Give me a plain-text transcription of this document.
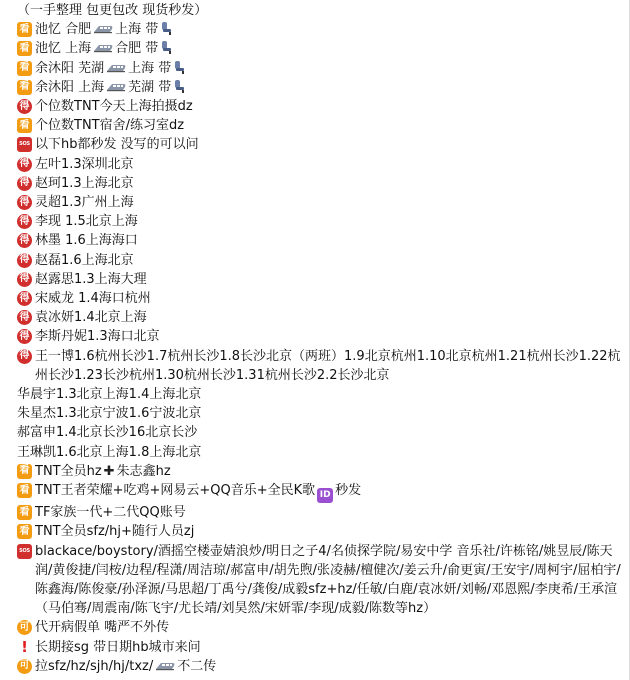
（一手整理 包更包改 现货秒发）
看 池忆 合肥 上海 带
看 池忆 上海 合肥 带
看 余沐阳 芜湖 上海 带
看 余沐阳 上海 芜湖 带
得 个位数TNT今天上海拍摄dz
看 个位数TNT宿舍/练习室dz
SOS 以下hb都秒发 没写的可以问
得 左叶1.3深圳北京
得 赵珂1.3上海北京
得 灵超1.3广州上海
得 李现 1.5北京上海
得 林墨 1.6上海海口
得 赵磊1.6上海北京
得 赵露思1.3上海大理
得 宋威龙 1.4海口杭州
得 袁冰妍1.4北京上海
得 李斯丹妮1.3海口北京
得 王一博1.6杭州长沙1.7杭州长沙1.8长沙北京（两班）1.9北京杭州1.10北京杭州1.21杭州长沙1.22杭州长沙1.23长沙杭州1.30杭州长沙1.31杭州长沙2.2长沙北京
华晨宇1.3北京上海1.4上海北京
朱星杰1.3北京宁波1.6宁波北京
郝富申1.4北京长沙16北京长沙
王琳凯1.6北京上海1.8上海北京
看 TNT全员hz ✚ 朱志鑫hz
看 TNT王者荣耀+吃鸡+网易云+QQ音乐+全民K歌 ID 秒发
看 TF家族一代+二代QQ账号
看 TNT全员sfz/hj+随行人员zj
SOS blackace/boystory/酒摇空楼壶婧浪炒/明日之子4/名侦探学院/易安中学 音乐社/许栋铭/姚昱辰/陈天润/黄俊捷/闫桉/边程/程潇/周洁琼/郝富申/胡先煦/张凌赫/檀健次/姜云升/俞更寅/王安宇/周柯宇/屈柏宇/陈鑫海/陈俊豪/孙泽源/马思超/丁禹兮/龚俊/成毅sfz+hz/任敏/白鹿/袁冰妍/刘畅/邓恩熙/李庚希/王承渲（马伯骞/周震南/陈飞宇/尤长靖/刘昊然/宋妍霏/李现/成毅/陈数等hz）
可 代开病假单 嘴严不外传
! 长期接sg 带日期hb城市来问
可 拉sfz/hz/sjh/hj/txz/ 不二传
